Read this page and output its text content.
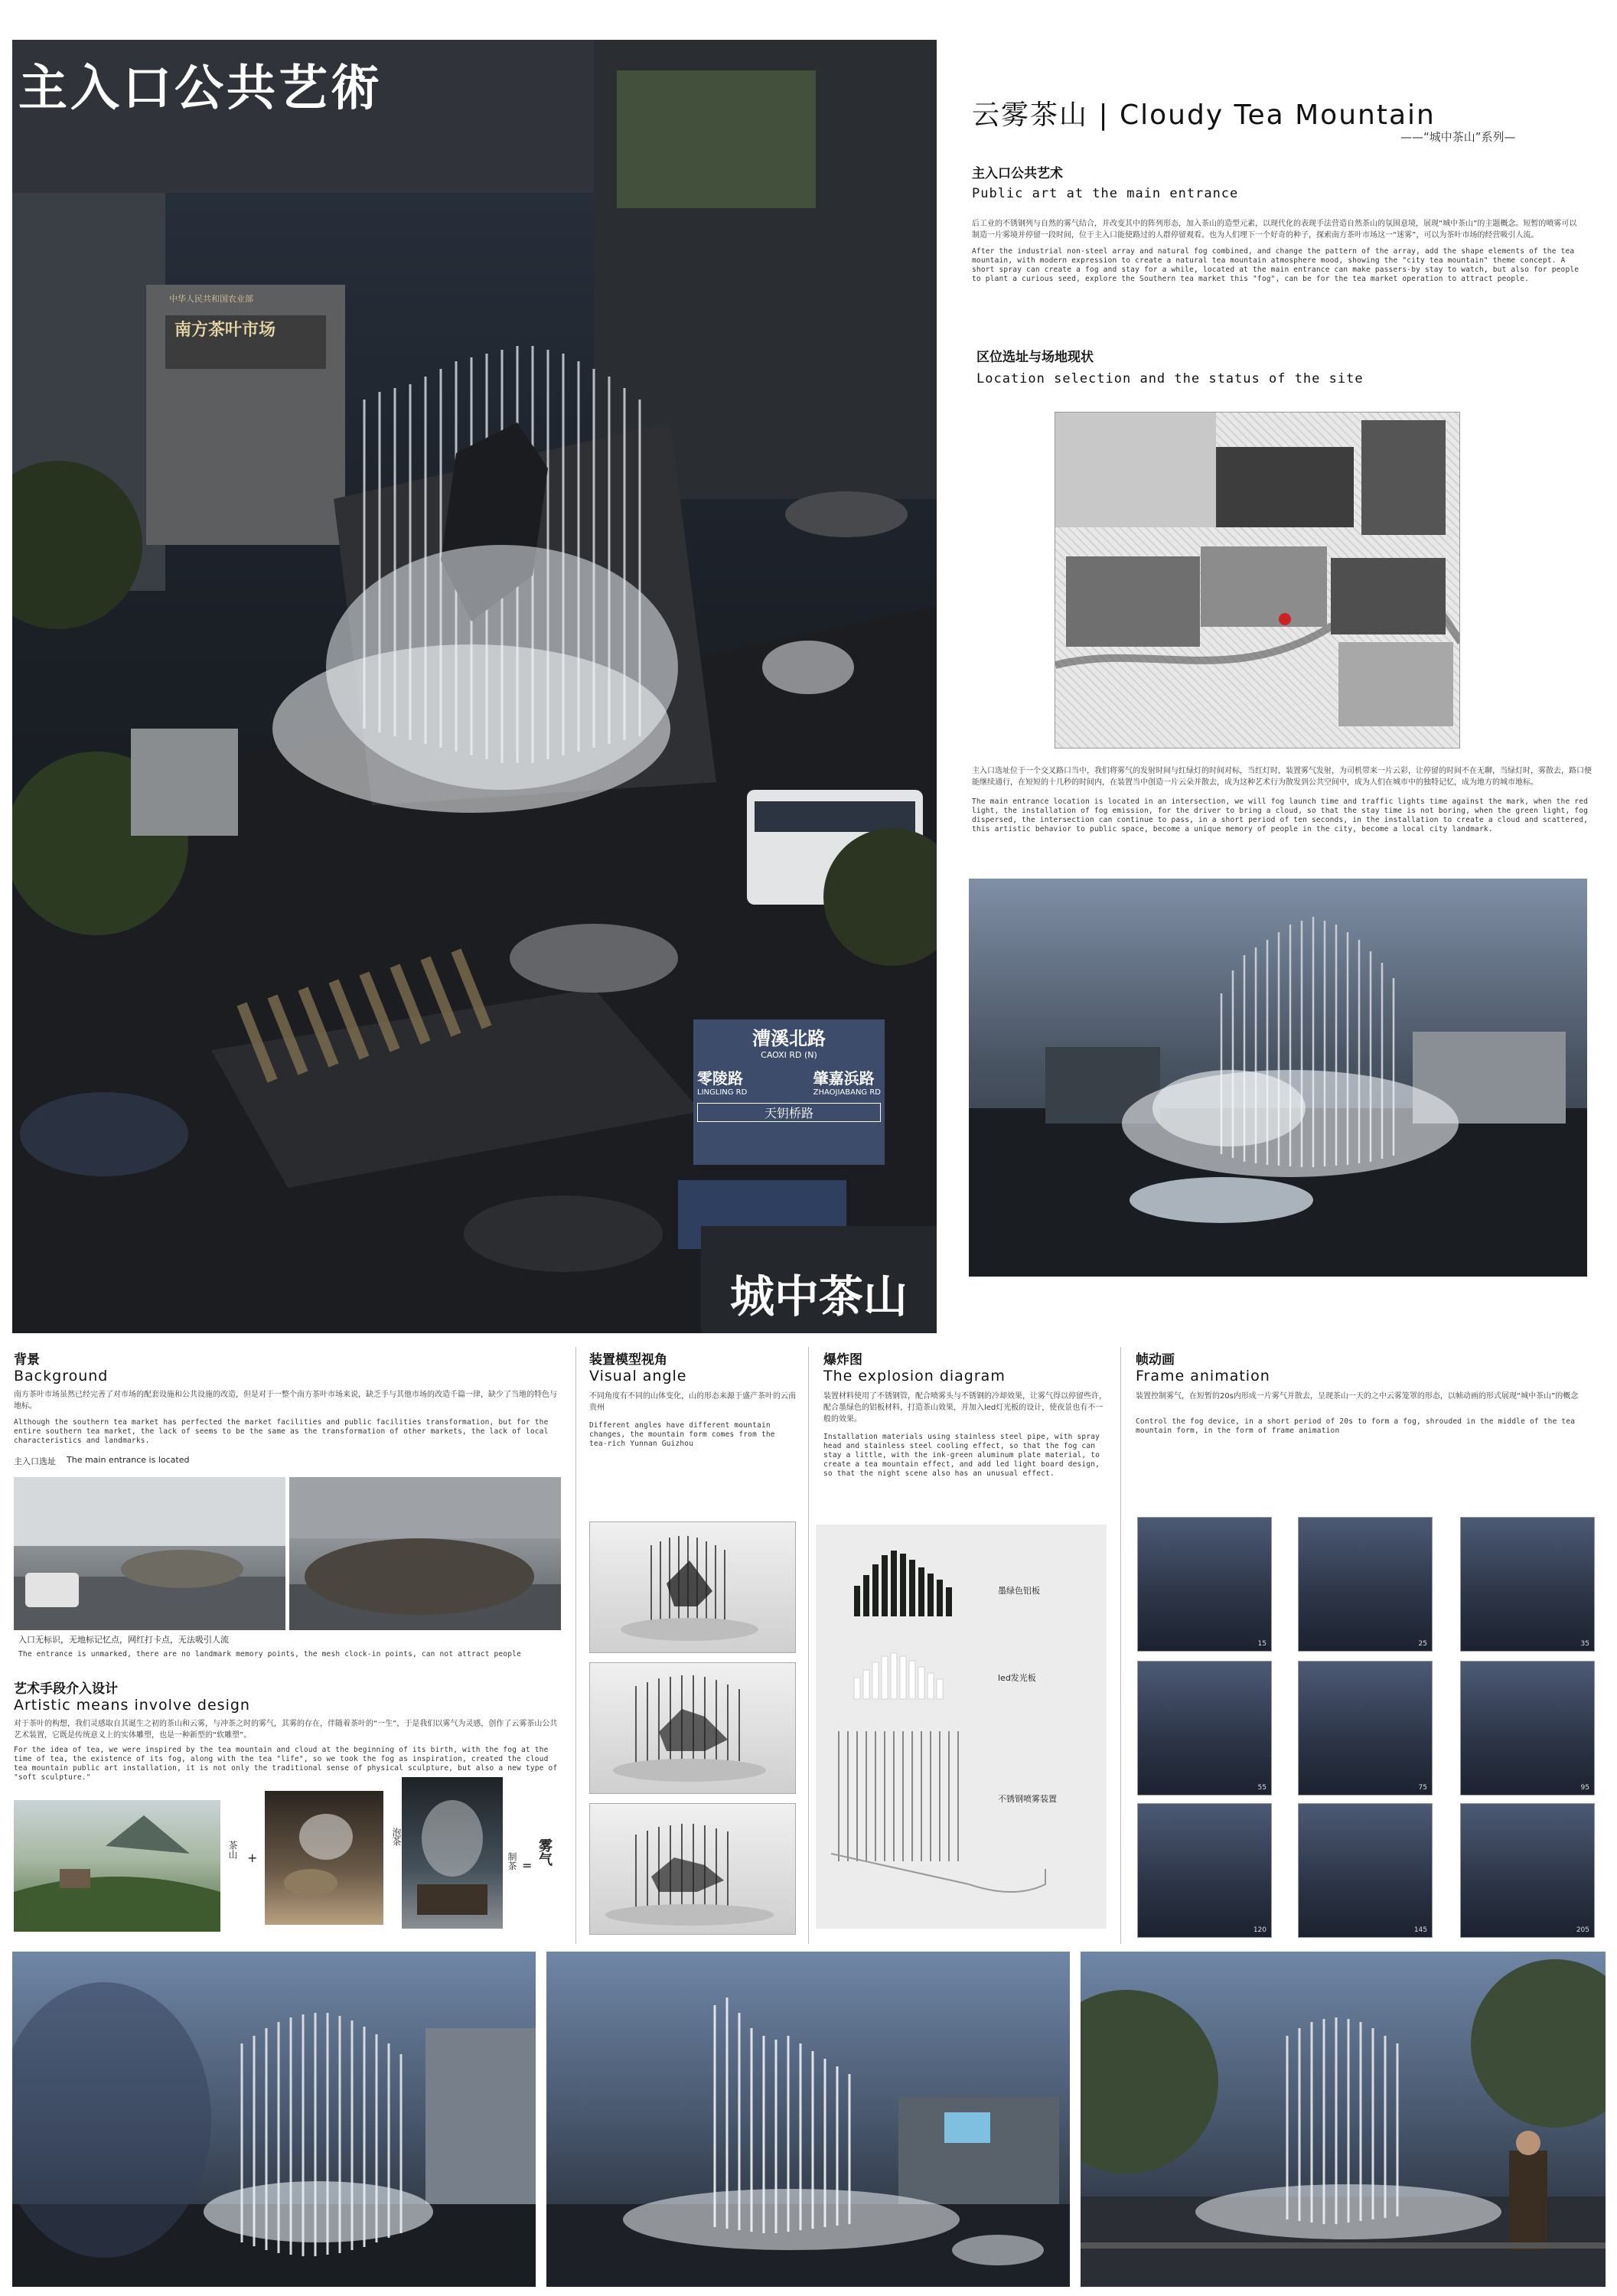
主入口公共艺術
中华人民共和国农业部
南方茶叶市场
漕溪北路
CAOXI RD (N)
零陵路
LINGLING RD
肇嘉浜路
ZHAOJIABANG RD
天钥桥路
城中茶山
云雾茶山 | Cloudy Tea Mountain
——“城中茶山”系列—
主入口公共艺术
Public art at the main entrance
后工业的不锈钢列与自然的雾气结合，并改变其中的阵列形态，加入茶山的造型元素，以现代化的表现手法营造自然茶山的氛围意境，展现“城中茶山”的主题概念。短暂的喷雾可以制造一片雾境并停留一段时间，位于主入口能使路过的人群停留观看。也为人们埋下一个好奇的种子，探索南方茶叶市场这一“迷雾”，可以为茶叶市场的经营吸引人流。
After the industrial non-steel array and natural fog combined, and change the pattern of the array, add the shape elements of the tea mountain, with modern expression to create a natural tea mountain atmosphere mood, showing the "city tea mountain" theme concept. A short spray can create a fog and stay for a while, located at the main entrance can make passers-by stay to watch, but also for people to plant a curious seed, explore the Southern tea market this "fog", can be for the tea market operation to attract people.
区位选址与场地现状
Location selection and the status of the site
主入口选址位于一个交叉路口当中，我们将雾气的发射时间与红绿灯的时间对标，当红灯时，装置雾气发射，为司机带来一片云彩，让停留的时间不在无聊，当绿灯时，雾散去，路口便能继续通行，在短短的十几秒的时间内，在装置当中创造一片云朵并散去，成为这种艺术行为散发到公共空间中，成为人们在城市中的独特记忆，成为地方的城市地标。
The main entrance location is located in an intersection, we will fog launch time and traffic lights time against the mark, when the red light, the installation of fog emission, for the driver to bring a cloud, so that the stay time is not boring, when the green light, fog dispersed, the intersection can continue to pass, in a short period of ten seconds, in the installation to create a cloud and scattered, this artistic behavior to public space, become a unique memory of people in the city, become a local city landmark.
背景
Background
南方茶叶市场虽然已经完善了对市场的配套设施和公共设施的改造，但是对于一整个南方茶叶市场来说，缺乏手与其他市场的改造千篇一律，缺少了当地的特色与地标。
Although the southern tea market has perfected the market facilities and public facilities transformation, but for the entire southern tea market, the lack of seems to be the same as the transformation of other markets, the lack of local characteristics and landmarks.
主入口选址 The main entrance is located
入口无标识，无地标记忆点，网红打卡点，无法吸引人流
The entrance is unmarked, there are no landmark memory points, the mesh clock-in points, can not attract people
艺术手段介入设计
Artistic means involve design
对于茶叶的构想，我们灵感取自其诞生之初的茶山和云雾，与冲茶之时的雾气，其雾的存在，伴随着茶叶的“一生”，于是我们以雾气为灵感，创作了云雾茶山公共艺术装置，它既是传统意义上的实体雕塑，也是一种新型的“软雕塑”。
For the idea of tea, we were inspired by the tea mountain and cloud at the beginning of its birth, with the fog at the time of tea, the existence of its fog, along with the tea "life", so we took the fog as inspiration, created the cloud tea mountain public art installation, it is not only the traditional sense of physical sculpture, but also a new type of "soft sculpture."
茶山 +
泡茶
制茶 = 雾气
装置模型视角
Visual angle
不同角度有不同的山体变化，山的形态来源于盛产茶叶的云南贵州
Different angles have different mountain changes, the mountain form comes from the tea-rich Yunnan Guizhou
爆炸图
The explosion diagram
装置材料使用了不锈钢管，配合喷雾头与不锈钢的冷却效果，让雾气得以停留些许，配合墨绿色的铝板材料，打造茶山效果，并加入led灯光板的设计，使夜景也有不一般的效果。
Installation materials using stainless steel pipe, with spray head and stainless steel cooling effect, so that the fog can stay a little, with the ink-green aluminum plate material, to create a tea mountain effect, and add led light board design, so that the night scene also has an unusual effect.
墨绿色铝板
led发光板
不锈钢喷雾装置
帧动画
Frame animation
装置控制雾气，在短暂的20s内形成一片雾气并散去，呈现茶山一天的之中云雾笼罩的形态，以帧动画的形式展现“城中茶山”的概念
Control the fog device, in a short period of 20s to form a fog, shrouded in the middle of the tea mountain form, in the form of frame animation
15	25	35
55	75	95
120	145	205
